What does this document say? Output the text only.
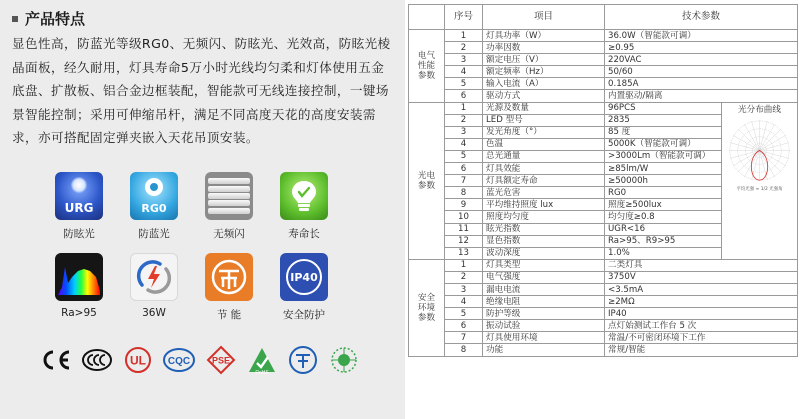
产品特点

显色性高，防蓝光等级RG0、无频闪、防眩光、光效高，防眩光棱晶面板，经久耐用，灯具寿命5万小时光线均匀柔和灯体使用五金底盘、扩散板、铝合金边框装配，智能款可无线连接控制，一键场景智能控制；采用可伸缩吊杆，满足不同高度天花的高度安装需求，亦可搭配固定弹夹嵌入天花吊顶安装。

URG
防眩光
RG0
防蓝光	无频闪	寿命长
Ra>95	36W	节 能
IP40
安全防护
UL CQC PSE
RoHS
	序号	项目	技术参数	
电气
性能
参数	1	灯具功率（W）	36.0W（智能款可调）	
	2	功率因数	≥0.95	
	3	额定电压（V）	220VAC	
	4	额定频率（Hz）	50/60	
	5	输入电流（A）	0.185A	
	6	驱动方式	内置驱动/隔离	
光电
参数	1	光源及数量	96PCS	光分布曲线
平均光强 ≈ 1/2 光强角

	2	LED 型号	2835	
	3	发光角度（°）	85 度	
	4	色温	5000K（智能款可调）	
	5	总光通量	>3000Lm（智能款可调）	
	6	灯具效能	≥85lm/W	
	7	灯具额定寿命	≥50000h	
	8	蓝光危害	RG0	
	9	平均维持照度 lux	照度≥500lux	
	10	照度均匀度	均匀度≥0.8	
	11	眩光指数	UGR<16	
	12	显色指数	Ra>95、R9>95	
	13	波动深度	1.0%	
安全
环境
参数	1	灯具类型	二类灯具	
	2	电气强度	3750V	
	3	漏电电流	<3.5mA	
	4	绝缘电阻	≥2MΩ	
	5	防护等级	IP40	
	6	振动试验	点灯始测试工作台 5 次	
	7	灯具使用环境	常温/不可密闭环境下工作	
	8	功能	常规/智能	
